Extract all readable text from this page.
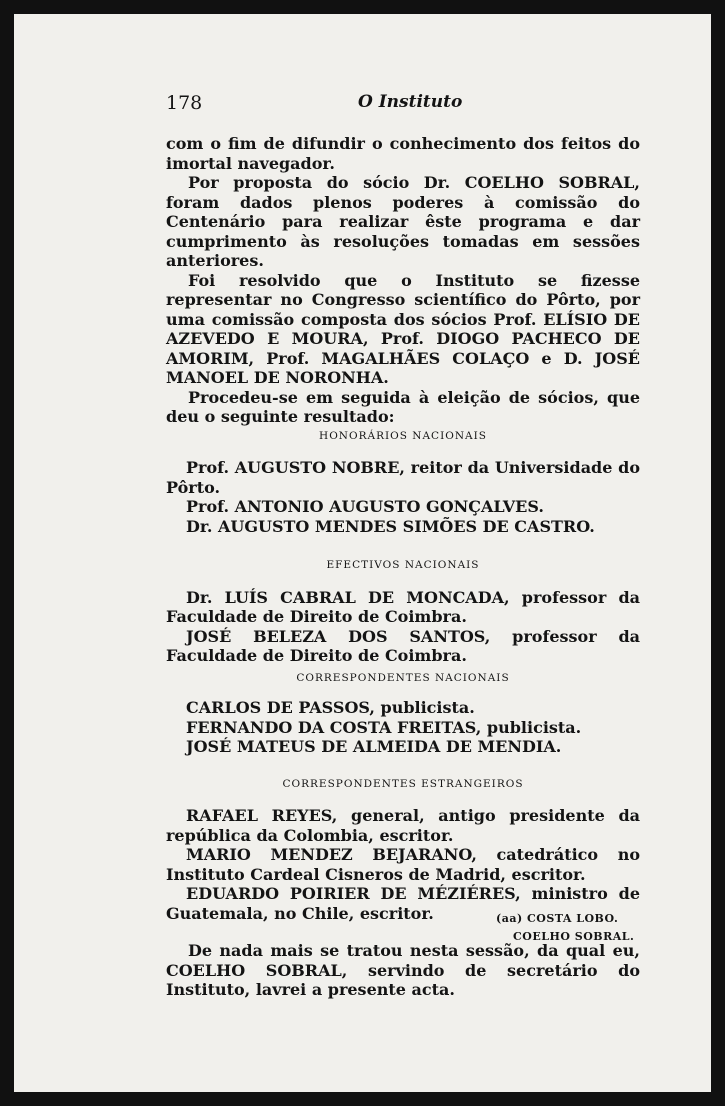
178	O Instituto

com o fim de difundir o conhecimento dos feitos do imortal navegador.

Por proposta do sócio Dr. COELHO SOBRAL, foram dados plenos poderes à comissão do Centenário para realizar êste programa e dar cumprimento às resoluções tomadas em sessões anteriores.

Foi resolvido que o Instituto se fizesse representar no Congresso scientífico do Pôrto, por uma comissão composta dos sócios Prof. ELÍSIO DE AZEVEDO E MOURA, Prof. DIOGO PACHECO DE AMORIM, Prof. MAGALHÃES COLAÇO e D. JOSÉ MANOEL DE NORONHA.

Procedeu-se em seguida à eleição de sócios, que deu o seguinte resultado:

HONORÁRIOS NACIONAIS

Prof. AUGUSTO NOBRE, reitor da Universidade do Pôrto.

Prof. ANTONIO AUGUSTO GONÇALVES.

Dr. AUGUSTO MENDES SIMÕES DE CASTRO.

EFECTIVOS NACIONAIS

Dr. LUÍS CABRAL DE MONCADA, professor da Faculdade de Direito de Coimbra.

JOSÉ BELEZA DOS SANTOS, professor da Faculdade de Direito de Coimbra.

CORRESPONDENTES NACIONAIS

CARLOS DE PASSOS, publicista.

FERNANDO DA COSTA FREITAS, publicista.

JOSÉ MATEUS DE ALMEIDA DE MENDIA.

CORRESPONDENTES ESTRANGEIROS

RAFAEL REYES, general, antigo presidente da república da Colombia, escritor.

MARIO MENDEZ BEJARANO, catedrático no Instituto Cardeal Cisneros de Madrid, escritor.

EDUARDO POIRIER DE MÉZIÉRES, ministro de Guatemala, no Chile, escritor.

De nada mais se tratou nesta sessão, da qual eu, COELHO SOBRAL, servindo de secretário do Instituto, lavrei a presente acta.

(aa) COSTA LOBO.
COELHO SOBRAL.
